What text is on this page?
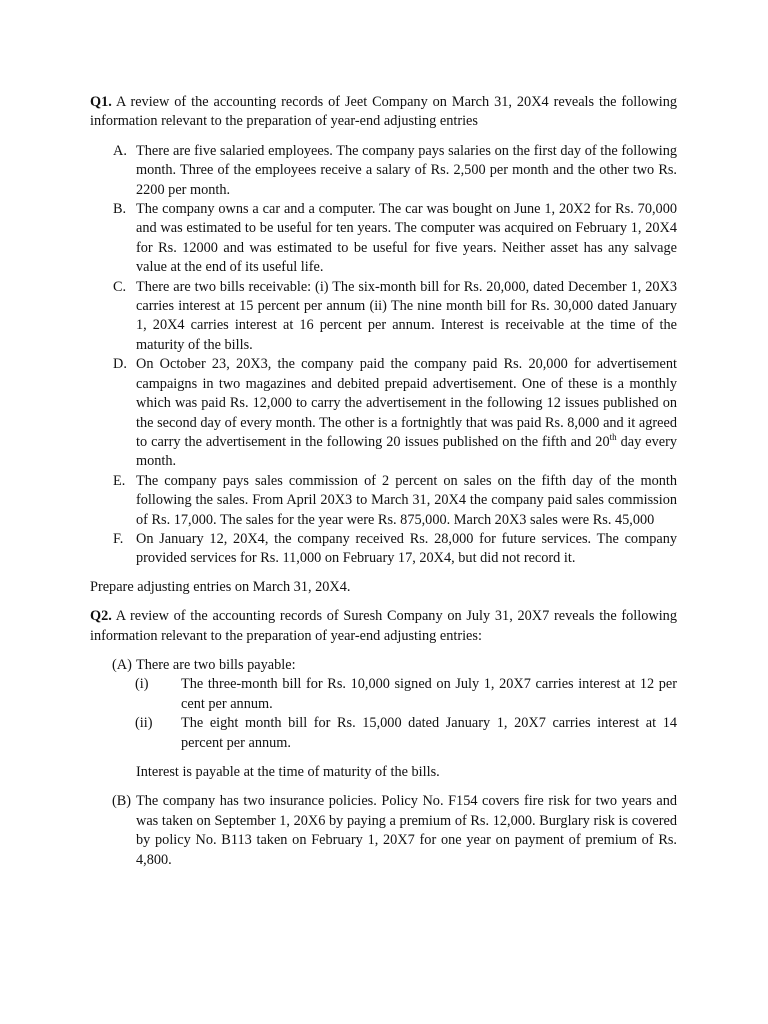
Q1. A review of the accounting records of Jeet Company on March 31, 20X4 reveals the following information relevant to the preparation of year-end adjusting entries

A. There are five salaried employees. The company pays salaries on the first day of the following month. Three of the employees receive a salary of Rs. 2,500 per month and the other two Rs. 2200 per month.
B. The company owns a car and a computer. The car was bought on June 1, 20X2 for Rs. 70,000 and was estimated to be useful for ten years. The computer was acquired on February 1, 20X4 for Rs. 12000 and was estimated to be useful for five years. Neither asset has any salvage value at the end of its useful life.
C. There are two bills receivable: (i) The six-month bill for Rs. 20,000, dated December 1, 20X3 carries interest at 15 percent per annum (ii) The nine month bill for Rs. 30,000 dated January 1, 20X4 carries interest at 16 percent per annum. Interest is receivable at the time of the maturity of the bills.
D. On October 23, 20X3, the company paid the company paid Rs. 20,000 for advertisement campaigns in two magazines and debited prepaid advertisement. One of these is a monthly which was paid Rs. 12,000 to carry the advertisement in the following 12 issues published on the second day of every month. The other is a fortnightly that was paid Rs. 8,000 and it agreed to carry the advertisement in the following 20 issues published on the fifth and 20th day every month.
E. The company pays sales commission of 2 percent on sales on the fifth day of the month following the sales. From April 20X3 to March 31, 20X4 the company paid sales commission of Rs. 17,000. The sales for the year were Rs. 875,000. March 20X3 sales were Rs. 45,000
F. On January 12, 20X4, the company received Rs. 28,000 for future services. The company provided services for Rs. 11,000 on February 17, 20X4, but did not record it.

Prepare adjusting entries on March 31, 20X4.

Q2. A review of the accounting records of Suresh Company on July 31, 20X7 reveals the following information relevant to the preparation of year-end adjusting entries:

(A) There are two bills payable:
(i) The three-month bill for Rs. 10,000 signed on July 1, 20X7 carries interest at 12 per cent per annum.
(ii) The eight month bill for Rs. 15,000 dated January 1, 20X7 carries interest at 14 percent per annum.

Interest is payable at the time of maturity of the bills.

(B) The company has two insurance policies. Policy No. F154 covers fire risk for two years and was taken on September 1, 20X6 by paying a premium of Rs. 12,000. Burglary risk is covered by policy No. B113 taken on February 1, 20X7 for one year on payment of premium of Rs. 4,800.
